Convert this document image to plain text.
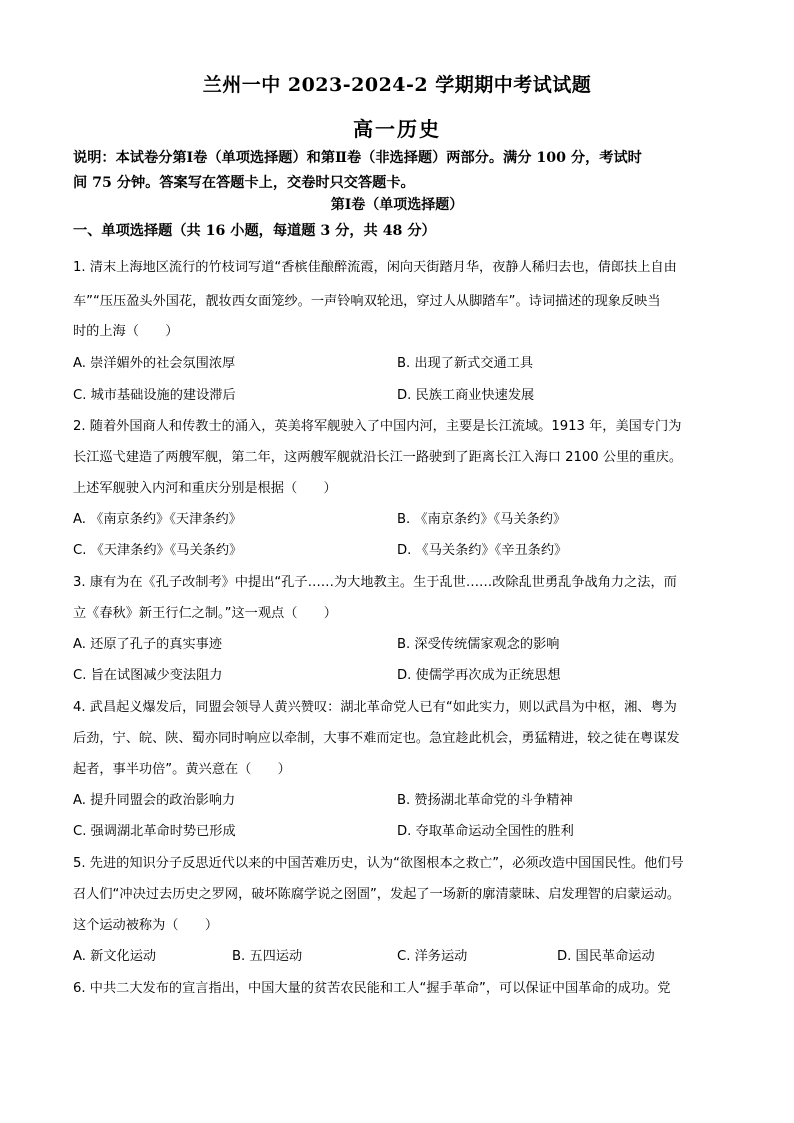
兰州一中 2023-2024-2 学期期中考试试题
高一历史
说明：本试卷分第Ⅰ卷（单项选择题）和第Ⅱ卷（非选择题）两部分。满分 100 分，考试时
间 75 分钟。答案写在答题卡上，交卷时只交答题卡。
第Ⅰ卷（单项选择题）
一、单项选择题（共 16 小题，每道题 3 分，共 48 分）
1. 清末上海地区流行的竹枝词写道“香槟佳酿醉流霞，闲向天街踏月华，夜静人稀归去也，倩郎扶上自由
车”“压压盈头外国花，靓妆西女面笼纱。一声铃响双轮迅，穿过人从脚踏车”。诗词描述的现象反映当
时的上海（　　）
A. 崇洋媚外的社会氛围浓厚	B. 出现了新式交通工具
C. 城市基础设施的建设滞后	D. 民族工商业快速发展
2. 随着外国商人和传教士的涌入，英美将军舰驶入了中国内河，主要是长江流域。1913 年，美国专门为
长江巡弋建造了两艘军舰，第二年，这两艘军舰就沿长江一路驶到了距离长江入海口 2100 公里的重庆。
上述军舰驶入内河和重庆分别是根据（　　）
A. 《南京条约》《天津条约》	B. 《南京条约》《马关条约》
C. 《天津条约》《马关条约》	D. 《马关条约》《辛丑条约》
3. 康有为在《孔子改制考》中提出“孔子……为大地教主。生于乱世……改除乱世勇乱争战角力之法，而
立《春秋》新王行仁之制。”这一观点（　　）
A. 还原了孔子的真实事迹	B. 深受传统儒家观念的影响
C. 旨在试图减少变法阻力	D. 使儒学再次成为正统思想
4. 武昌起义爆发后，同盟会领导人黄兴赞叹：湖北革命党人已有“如此实力，则以武昌为中枢，湘、粤为
后劲，宁、皖、陕、蜀亦同时响应以牵制，大事不难而定也。急宜趁此机会，勇猛精进，较之徒在粤谋发
起者，事半功倍”。黄兴意在（　　）
A. 提升同盟会的政治影响力	B. 赞扬湖北革命党的斗争精神
C. 强调湖北革命时势已形成	D. 夺取革命运动全国性的胜利
5. 先进的知识分子反思近代以来的中国苦难历史，认为“欲图根本之救亡”，必须改造中国国民性。他们号
召人们“冲决过去历史之罗网，破坏陈腐学说之囹圄”，发起了一场新的廓清蒙昧、启发理智的启蒙运动。
这个运动被称为（　　）
A. 新文化运动	B. 五四运动	C. 洋务运动	D. 国民革命运动
6. 中共二大发布的宣言指出，中国大量的贫苦农民能和工人“握手革命”，可以保证中国革命的成功。党
